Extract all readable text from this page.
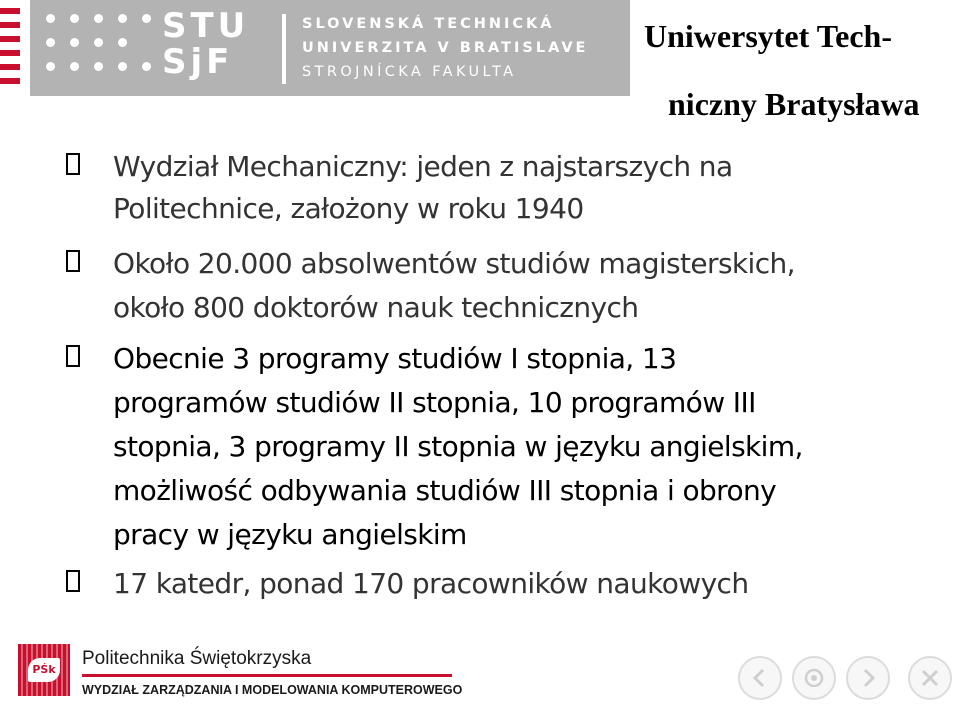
STU
SjF
SLOVENSKÁ TECHNICKÁ
UNIVERZITA V BRATISLAVE
STROJNÍCKA FAKULTA
Uniwersytet Tech-
niczny Bratysława

Wydział Mechaniczny: jeden z najstarszych na
Politechnice, założony w roku 1940

Około 20.000 absolwentów studiów magisterskich,
około 800 doktorów nauk technicznych

Obecnie 3 programy studiów I stopnia, 13
programów studiów II stopnia, 10 programów III
stopnia, 3 programy II stopnia w języku angielskim,
możliwość odbywania studiów III stopnia i obrony
pracy w języku angielskim

17 katedr, ponad 170 pracowników naukowych

PŚk
Politechnika Świętokrzyska
WYDZIAŁ ZARZĄDZANIA I MODELOWANIA KOMPUTEROWEGO
